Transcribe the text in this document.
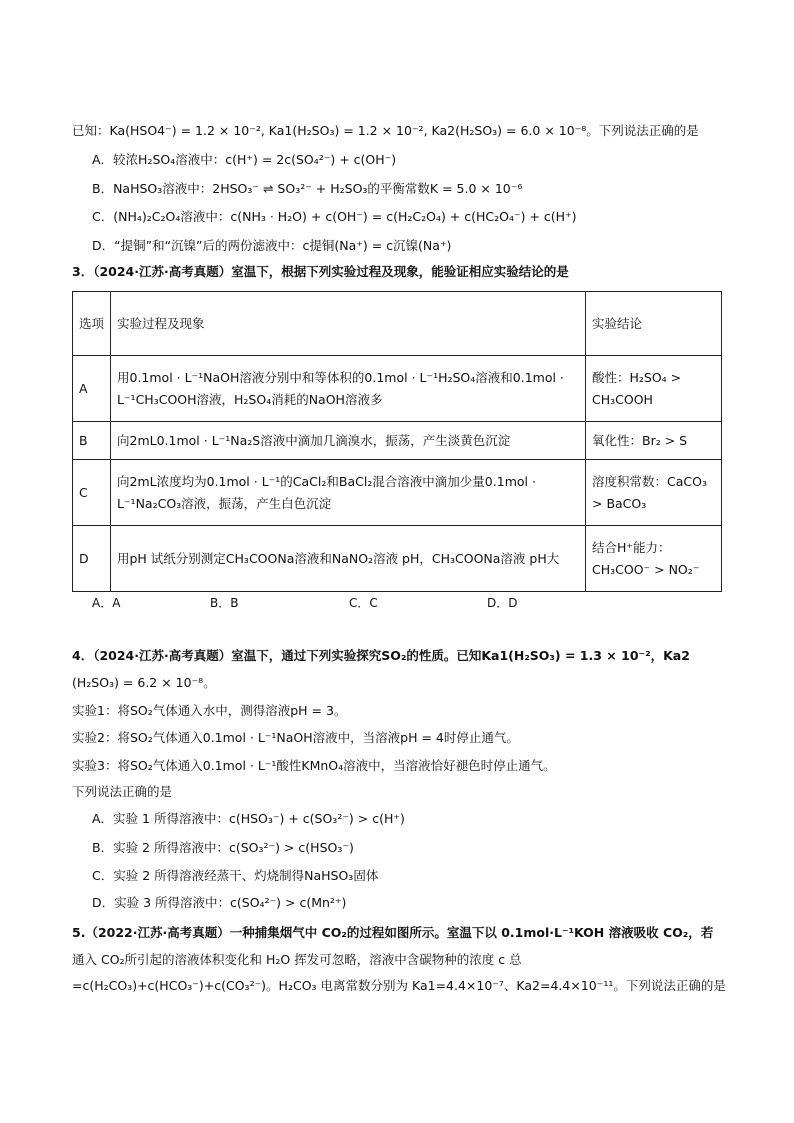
已知：Ka(HSO4⁻) = 1.2 × 10⁻², Ka1(H₂SO₃) = 1.2 × 10⁻², Ka2(H₂SO₃) = 6.0 × 10⁻⁸。下列说法正确的是
A．较浓H₂SO₄溶液中：c(H⁺) = 2c(SO₄²⁻) + c(OH⁻)
B．NaHSO₃溶液中：2HSO₃⁻ ⇌ SO₃²⁻ + H₂SO₃的平衡常数K = 5.0 × 10⁻⁶
C．(NH₄)₂C₂O₄溶液中：c(NH₃ · H₂O) + c(OH⁻) = c(H₂C₂O₄) + c(HC₂O₄⁻) + c(H⁺)
D．“提铜”和“沉镍”后的两份滤液中：c提铜(Na⁺) = c沉镍(Na⁺)
3．（2024·江苏·高考真题）室温下，根据下列实验过程及现象，能验证相应实验结论的是
选项	实验过程及现象	实验结论
A	用0.1mol · L⁻¹NaOH溶液分别中和等体积的0.1mol · L⁻¹H₂SO₄溶液和0.1mol · L⁻¹CH₃COOH溶液，H₂SO₄消耗的NaOH溶液多	酸性：H₂SO₄ > CH₃COOH
B	向2mL0.1mol · L⁻¹Na₂S溶液中滴加几滴溴水，振荡，产生淡黄色沉淀	氧化性：Br₂ > S
C	向2mL浓度均为0.1mol · L⁻¹的CaCl₂和BaCl₂混合溶液中滴加少量0.1mol · L⁻¹Na₂CO₃溶液，振荡，产生白色沉淀	溶度积常数：CaCO₃ > BaCO₃
D	用pH 试纸分别测定CH₃COONa溶液和NaNO₂溶液 pH，CH₃COONa溶液 pH大	结合H⁺能力：CH₃COO⁻ > NO₂⁻
A．A	B．B	C．C	D．D
4．（2024·江苏·高考真题）室温下，通过下列实验探究SO₂的性质。已知Ka1(H₂SO₃) = 1.3 × 10⁻²，Ka2
(H₂SO₃) = 6.2 × 10⁻⁸。
实验1：将SO₂气体通入水中，测得溶液pH = 3。
实验2：将SO₂气体通入0.1mol · L⁻¹NaOH溶液中，当溶液pH = 4时停止通气。
实验3：将SO₂气体通入0.1mol · L⁻¹酸性KMnO₄溶液中，当溶液恰好褪色时停止通气。
下列说法正确的是
A．实验 1 所得溶液中：c(HSO₃⁻) + c(SO₃²⁻) > c(H⁺)
B．实验 2 所得溶液中：c(SO₃²⁻) > c(HSO₃⁻)
C．实验 2 所得溶液经蒸干、灼烧制得NaHSO₃固体
D．实验 3 所得溶液中：c(SO₄²⁻) > c(Mn²⁺)
5.（2022·江苏·高考真题）一种捕集烟气中 CO₂的过程如图所示。室温下以 0.1mol·L⁻¹KOH 溶液吸收 CO₂，若
通入 CO₂所引起的溶液体积变化和 H₂O 挥发可忽略，溶液中含碳物种的浓度 c 总
=c(H₂CO₃)+c(HCO₃⁻)+c(CO₃²⁻)。H₂CO₃ 电离常数分别为 Ka1=4.4×10⁻⁷、Ka2=4.4×10⁻¹¹。下列说法正确的是
